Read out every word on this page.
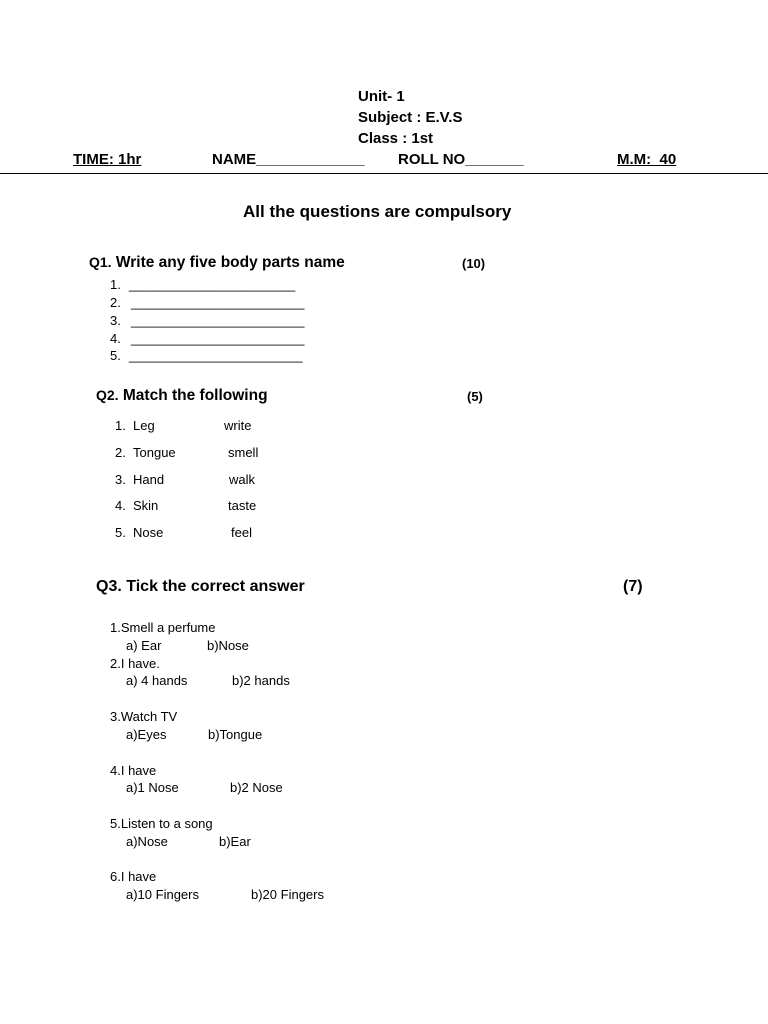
Unit- 1
Subject : E.V.S
Class : 1st
TIME: 1hr	NAME_____________ ROLL NO_______	M.M:  40
All the questions are compulsory
Q1. Write any five body parts name	(10)
1. _______________________
2. ________________________
3. ________________________
4. ________________________
5. ________________________
Q2. Match the following	(5)
1. Leg	write
2. Tongue	smell
3. Hand	walk
4. Skin	taste
5. Nose	feel
Q3. Tick the correct answer	(7)
1.Smell a perfume
a) Ear	b)Nose
2.I have.
a) 4 hands	b)2 hands
3.Watch TV
a)Eyes	b)Tongue
4.I have
a)1 Nose	b)2 Nose
5.Listen to a song
a)Nose	b)Ear
6.I have
a)10 Fingers	b)20 Fingers
